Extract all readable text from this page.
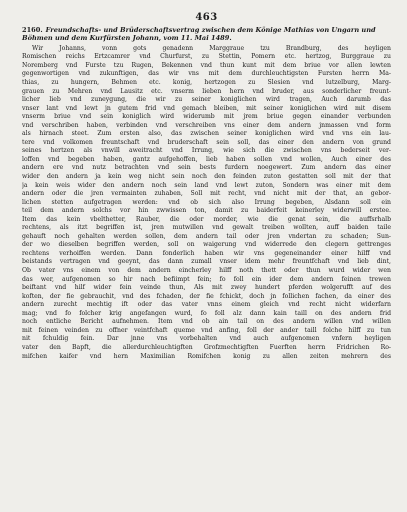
463
2160. Freundschafts- und Brüderschaftsvertrag zwischen dem Könige Mathias von Ungarn und
Böhmen und dem Kurfürsten Johann, vom 11. Mai 1489.
Wir Johanns, vonn gots genadenn Marggraue tzu Brandburg, des heyligen
Romischen reichs Ertzcamrer vnd Churfurst, zu Stettin, Pomern etc. hertzog, Burggraue zu
Noremberg vnd Furste tzu Rugen, Bekennen vnd thun kunt mit dem briue vor allen lewten
gegenwortigen vnd zukunftigen, das wir vns mit dem durchleuchtigsten Fursten herrn Ma-
thias, zu hungern, Behmen etc. konig, hertzogen zu Slesien vnd lutzelburg, Marg-
grauen zu Mehren vnd Lausitz etc. vnserm lieben hern vnd bruder, aus sonderlicher freunt-
licher lieb vnd zuneygung, die wir zu seiner koniglichen wird tragen, Auch darumb das
vnser lant vnd lewt jn gutem frid vnd gemach bleiben, mit seiner koniglichen wird mit disem
vnserm briue vnd sein koniglich wird widerumb mit jrem briue gegen einander verbunden
vnd verschriben haben, verbinden vnd verschreiben vns einer dem andern jnmassen vnd form
als hirnach steet. Zum ersten also, das zwischen seiner koniglichen wird vnd vns ein lau-
tere vnd volkomen freuntschaft vnd bruderschaft sein soll, das einer den andern von grund
seines hertzen als vnwill aweitracht vnd Irrung, wie sich die zwischen vns bederseit ver-
loffen vnd begeben haben, gantz aufgehoffen, lieb haben sollen vnd wollen, Auch einer des
andern ere vnd nutz betrachten vnd sein bests furdern noegewert. Zum andern das einer
wider den andern ja kein weg nicht sein noch den feinden zuton gestatten soll mit der that
ja kein weis wider den andern noch sein land vnd lewt zuton, Sondern was einer mit dem
andern oder die jren vermainten zuhaben, Soll mit recht, vnd nicht mit der that, an gebor-
lichen stetten aufgetragen werden: vnd ob sich also Irrung begeben, Alsdann soll ein
teil dem andern solchs vor hin zwwissen ton, damit zu baiderfeit keinerley widerwill erstee.
Item das kein vbelthetter, Rauber, die oder morder, wie die genat sein, die auffsrhalb
rechtens, als itzt begriffen ist, jren mutwillen vnd gewalt treiben wollten, auff baiden taile
gehauft noch gehalten werden sollen, dem andern tail oder jren vndertan zu schaden; Sun-
der wo dieselben begriffen werden, soll on waigerung vnd widerrede den clegern gettrenges
rechtens verhoiffen werden. Dann fonderlich haben wir vns gegeneinander einer hilff vnd
beistands vertragen vnd geeynt, das dann zumall vnser idem mehr freuntfchaft vnd lieb dint,
Ob vater vns einem von dem andern eincherley hilff noth thett oder thun wurd wider wen
das wer, aufgenomen so hir nach befiimpt fein; fo foll ein ider dem andern feinen trewen
beiftant vnd hilf wider fein veinde thun, Als mit zwey hundert pferden wolgerufft auf des
koften, der fie gebrauchit, vnd des fchaden, der fie fchickt, doch jn follichen fachen, da einer des
andern zurecht mechtig ift oder das vater vnns einem gleich vnd recht nicht widerfarn
mag; vnd fo folcher krig angefangen wurd, fo foll alz dann kain taill on des andern frid
noch entliche Bericht aufnehmen. Item vnd ob ain tail on des andern willen vnd willen
mit feinen veinden zu offner veintfchaft queme vnd anfing, foll der ander taill folche hilff zu tun
nit fchuldig fein. Dar jnne vns vorbehalten vnd auch aufgenomen vnfern heyligen
vater den Bapft, die allerdurchleuchtigften Grofzmechtigften Fuerften herrn Fridrichen Ro-
mifchen kaifer vnd hern Maximilian Romifchen konig zu allen zeiten mehrern des
